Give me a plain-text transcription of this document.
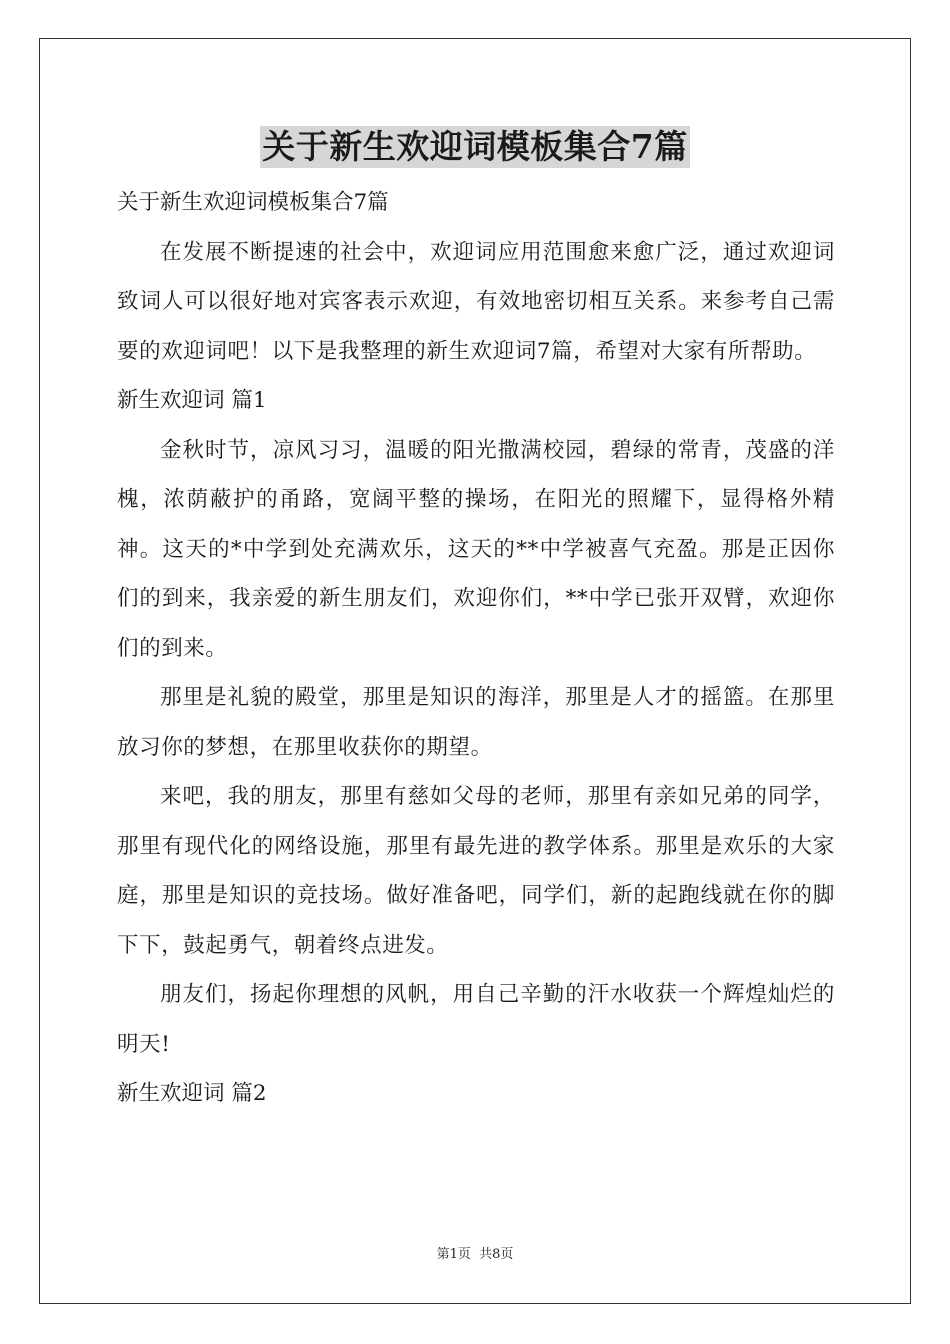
关于新生欢迎词模板集合7篇

关于新生欢迎词模板集合7篇

在发展不断提速的社会中，欢迎词应用范围愈来愈广泛，通过欢迎词致词人可以很好地对宾客表示欢迎，有效地密切相互关系。来参考自己需要的欢迎词吧！以下是我整理的新生欢迎词7篇，希望对大家有所帮助。

新生欢迎词 篇1

金秋时节，凉风习习，温暖的阳光撒满校园，碧绿的常青，茂盛的洋槐，浓荫蔽护的甬路，宽阔平整的操场，在阳光的照耀下，显得格外精神。这天的*中学到处充满欢乐，这天的**中学被喜气充盈。那是正因你们的到来，我亲爱的新生朋友们，欢迎你们，**中学已张开双臂，欢迎你们的到来。

那里是礼貌的殿堂，那里是知识的海洋，那里是人才的摇篮。在那里放习你的梦想，在那里收获你的期望。

来吧，我的朋友，那里有慈如父母的老师，那里有亲如兄弟的同学，那里有现代化的网络设施，那里有最先进的教学体系。那里是欢乐的大家庭，那里是知识的竞技场。做好准备吧，同学们，新的起跑线就在你的脚下下，鼓起勇气，朝着终点进发。

朋友们，扬起你理想的风帆，用自己辛勤的汗水收获一个辉煌灿烂的明天!

新生欢迎词 篇2

第1页 共8页
